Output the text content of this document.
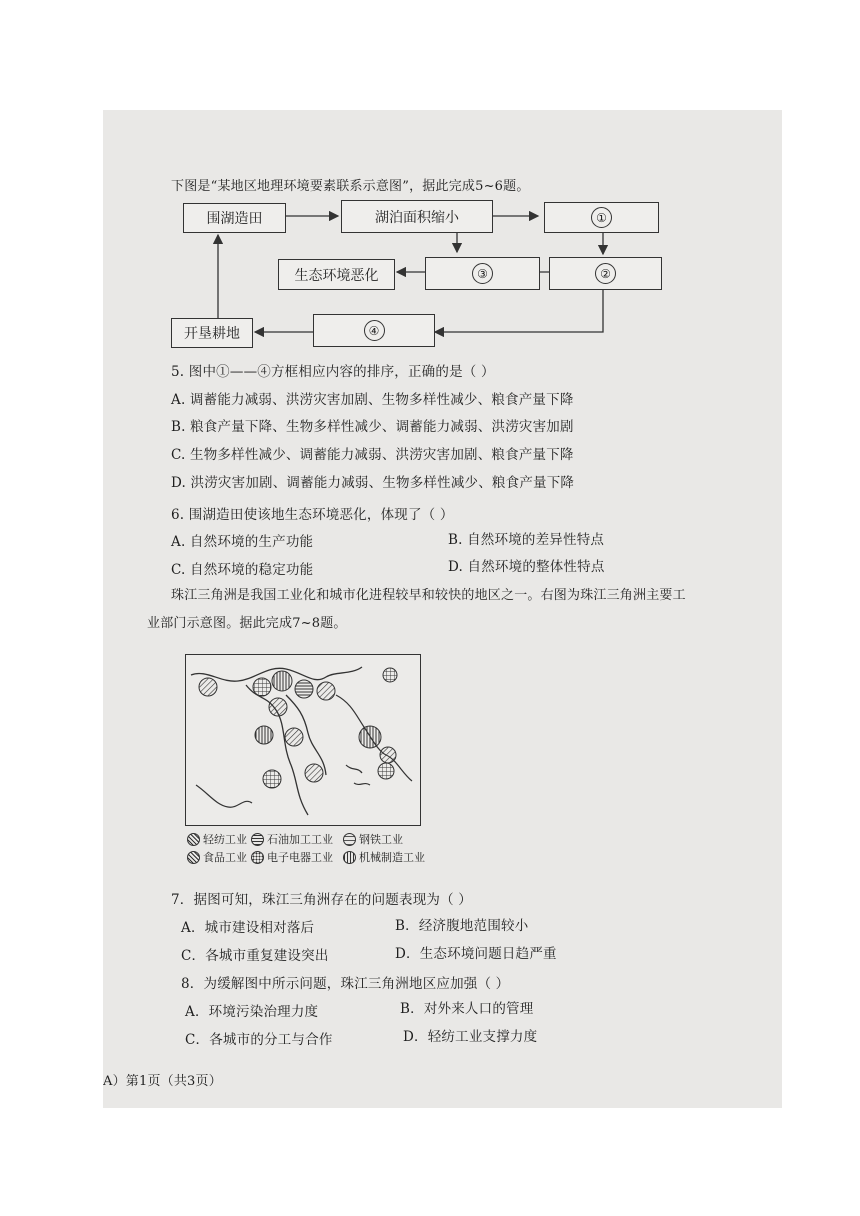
下图是“某地区地理环境要素联系示意图”，据此完成5~6题。
围湖造田	湖泊面积缩小	①
生态环境恶化	③	②
开垦耕地	④
5. 图中①——④方框相应内容的排序，正确的是（ ）
A. 调蓄能力减弱、洪涝灾害加剧、生物多样性减少、粮食产量下降
B. 粮食产量下降、生物多样性减少、调蓄能力减弱、洪涝灾害加剧
C. 生物多样性减少、调蓄能力减弱、洪涝灾害加剧、粮食产量下降
D. 洪涝灾害加剧、调蓄能力减弱、生物多样性减少、粮食产量下降
6. 围湖造田使该地生态环境恶化，体现了（ ）
A. 自然环境的生产功能	B. 自然环境的差异性特点
C. 自然环境的稳定功能	D. 自然环境的整体性特点
珠江三角洲是我国工业化和城市化进程较早和较快的地区之一。右图为珠江三角洲主要工
业部门示意图。据此完成7~8题。
轻纺工业 石油加工工业 钢铁工业
食品工业 电子电器工业 机械制造工业
7．据图可知，珠江三角洲存在的问题表现为（ ）
A．城市建设相对落后	B．经济腹地范围较小
C．各城市重复建设突出	D．生态环境问题日趋严重
8．为缓解图中所示问题，珠江三角洲地区应加强（ ）
A．环境污染治理力度	B．对外来人口的管理
C．各城市的分工与合作	D．轻纺工业支撑力度
A）第1页（共3页）
